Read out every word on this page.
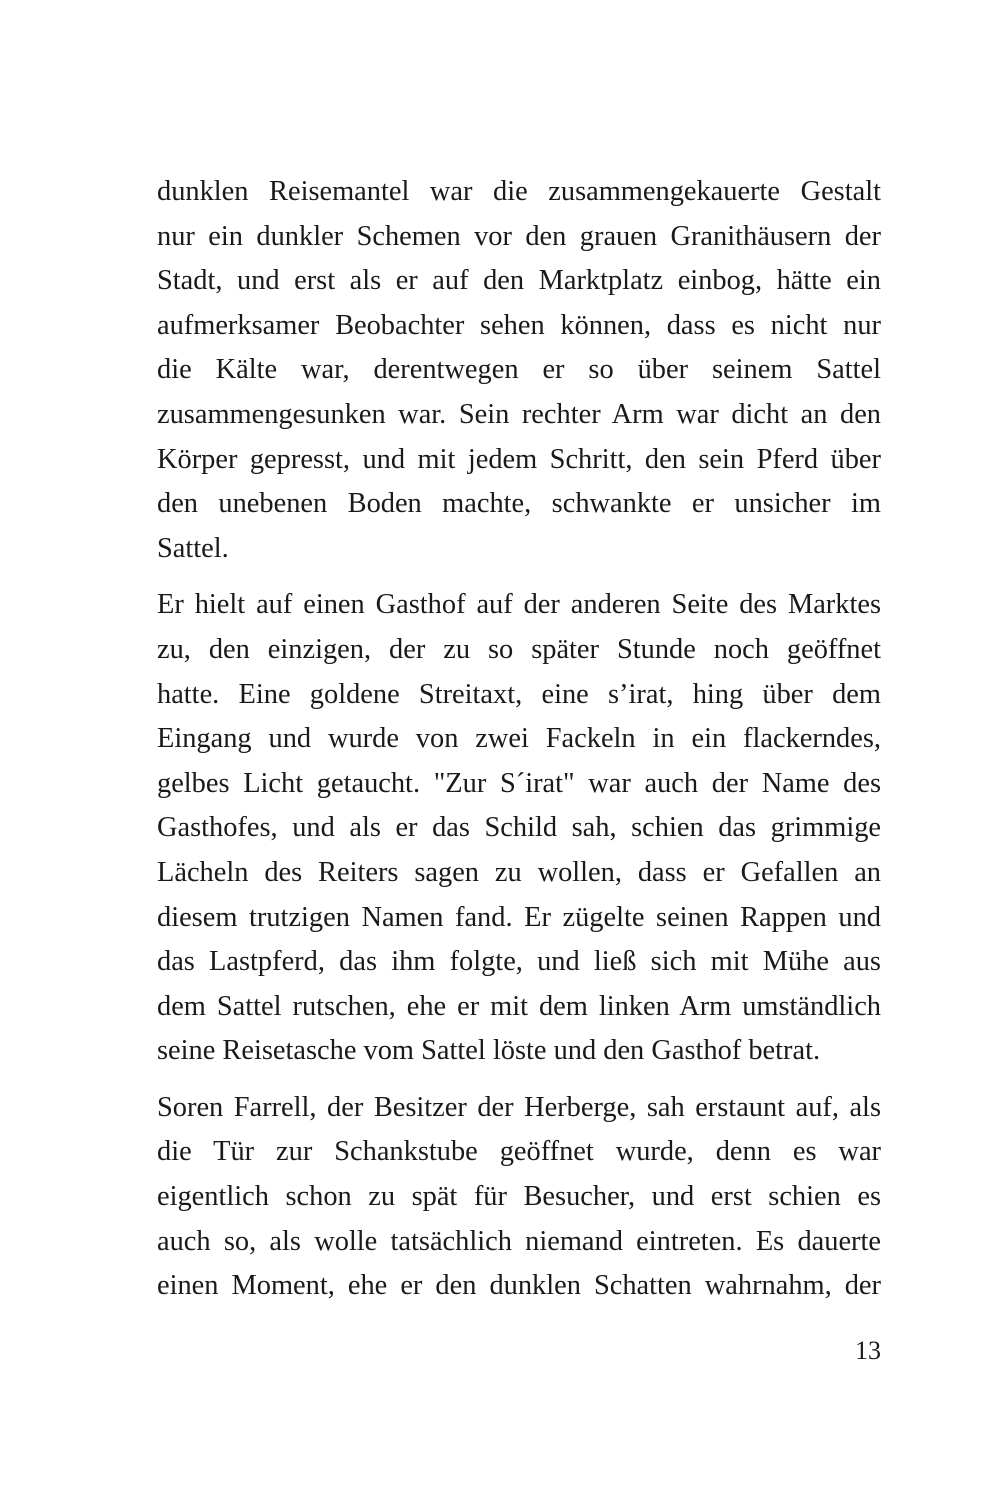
dunklen Reisemantel war die zusammengekauerte Gestalt
nur ein dunkler Schemen vor den grauen Granithäusern der
Stadt, und erst als er auf den Marktplatz einbog, hätte ein
aufmerksamer Beobachter sehen können, dass es nicht nur
die Kälte war, derentwegen er so über seinem Sattel
zusammengesunken war. Sein rechter Arm war dicht an den
Körper gepresst, und mit jedem Schritt, den sein Pferd über
den unebenen Boden machte, schwankte er unsicher im
Sattel.

Er hielt auf einen Gasthof auf der anderen Seite des Marktes
zu, den einzigen, der zu so später Stunde noch geöffnet
hatte. Eine goldene Streitaxt, eine s’irat, hing über dem
Eingang und wurde von zwei Fackeln in ein flackerndes,
gelbes Licht getaucht. "Zur S´irat" war auch der Name des
Gasthofes, und als er das Schild sah, schien das grimmige
Lächeln des Reiters sagen zu wollen, dass er Gefallen an
diesem trutzigen Namen fand. Er zügelte seinen Rappen und
das Lastpferd, das ihm folgte, und ließ sich mit Mühe aus
dem Sattel rutschen, ehe er mit dem linken Arm umständlich
seine Reisetasche vom Sattel löste und den Gasthof betrat.

Soren Farrell, der Besitzer der Herberge, sah erstaunt auf, als
die Tür zur Schankstube geöffnet wurde, denn es war
eigentlich schon zu spät für Besucher, und erst schien es
auch so, als wolle tatsächlich niemand eintreten. Es dauerte
einen Moment, ehe er den dunklen Schatten wahrnahm, der

13
